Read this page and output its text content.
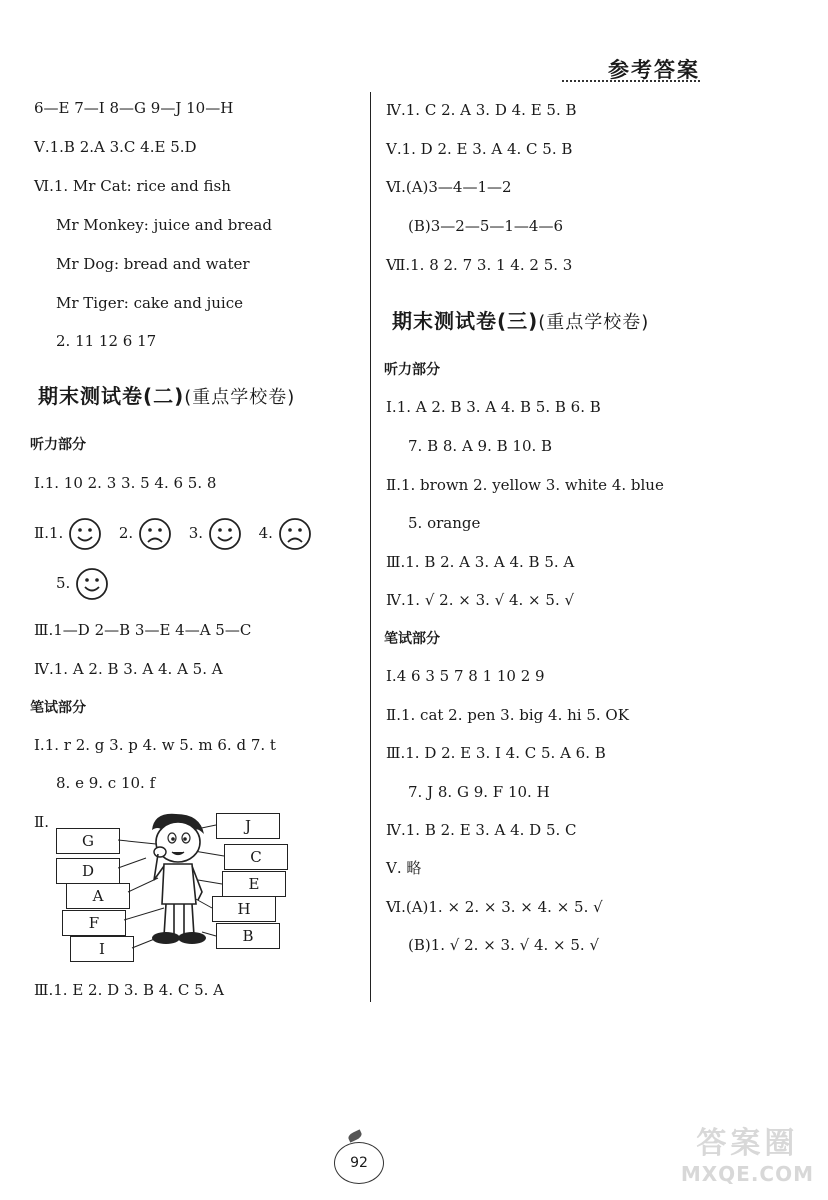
参考答案
6—E 7—I 8—G 9—J 10—H
Ⅴ.1.B 2.A 3.C 4.E 5.D
Ⅵ.1. Mr Cat: rice and fish
Mr Monkey: juice and bread
Mr Dog: bread and water
Mr Tiger: cake and juice
2. 11 12 6 17
期末测试卷(二)(重点学校卷)
听力部分
Ⅰ.1. 10 2. 3 3. 5 4. 6 5. 8
Ⅱ.1.	2.	3.	4.
5.
Ⅲ.1—D 2—B 3—E 4—A 5—C
Ⅳ.1. A 2. B 3. A 4. A 5. A
笔试部分
Ⅰ.1. r 2. g 3. p 4. w 5. m 6. d 7. t
8. e 9. c 10. f
Ⅱ.
G
D
A
F
I
J
C
E
H
B
Ⅲ.1. E 2. D 3. B 4. C 5. A
Ⅳ.1. C 2. A 3. D 4. E 5. B
Ⅴ.1. D 2. E 3. A 4. C 5. B
Ⅵ.(A)3—4—1—2
(B)3—2—5—1—4—6
Ⅶ.1. 8 2. 7 3. 1 4. 2 5. 3
期末测试卷(三)(重点学校卷)
听力部分
Ⅰ.1. A 2. B 3. A 4. B 5. B 6. B
7. B 8. A 9. B 10. B
Ⅱ.1. brown 2. yellow 3. white 4. blue
5. orange
Ⅲ.1. B 2. A 3. A 4. B 5. A
Ⅳ.1. √ 2. × 3. √ 4. × 5. √
笔试部分
Ⅰ.4 6 3 5 7 8 1 10 2 9
Ⅱ.1. cat 2. pen 3. big 4. hi 5. OK
Ⅲ.1. D 2. E 3. I 4. C 5. A 6. B
7. J 8. G 9. F 10. H
Ⅳ.1. B 2. E 3. A 4. D 5. C
Ⅴ. 略
Ⅵ.(A)1. × 2. × 3. × 4. × 5. √
(B)1. √ 2. × 3. √ 4. × 5. √
92
答案圈
MXQE.COM
